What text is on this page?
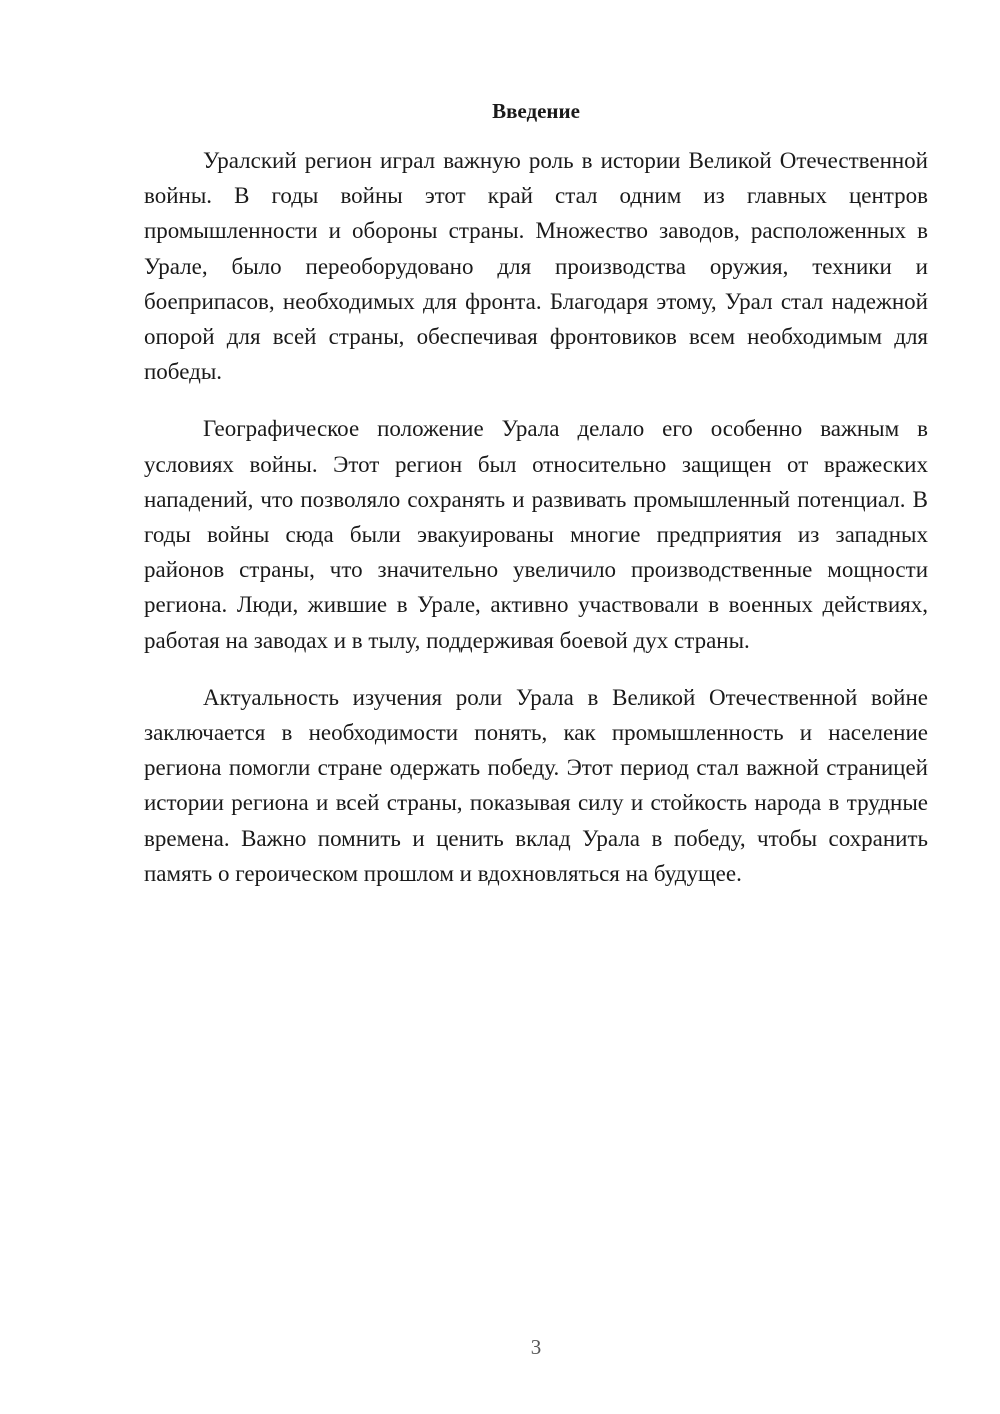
Введение

Уралский регион играл важную роль в истории Великой Отечественной войны. В годы войны этот край стал одним из главных центров промышленности и обороны страны. Множество заводов, расположенных в Урале, было переоборудовано для производства оружия, техники и боеприпасов, необходимых для фронта. Благодаря этому, Урал стал надежной опорой для всей страны, обеспечивая фронтовиков всем необходимым для победы.

Географическое положение Урала делало его особенно важным в условиях войны. Этот регион был относительно защищен от вражеских нападений, что позволяло сохранять и развивать промышленный потенциал. В годы войны сюда были эвакуированы многие предприятия из западных районов страны, что значительно увеличило производственные мощности региона. Люди, жившие в Урале, активно участвовали в военных действиях, работая на заводах и в тылу, поддерживая боевой дух страны.

Актуальность изучения роли Урала в Великой Отечественной войне заключается в необходимости понять, как промышленность и население региона помогли стране одержать победу. Этот период стал важной страницей истории региона и всей страны, показывая силу и стойкость народа в трудные времена. Важно помнить и ценить вклад Урала в победу, чтобы сохранить память о героическом прошлом и вдохновляться на будущее.

3
